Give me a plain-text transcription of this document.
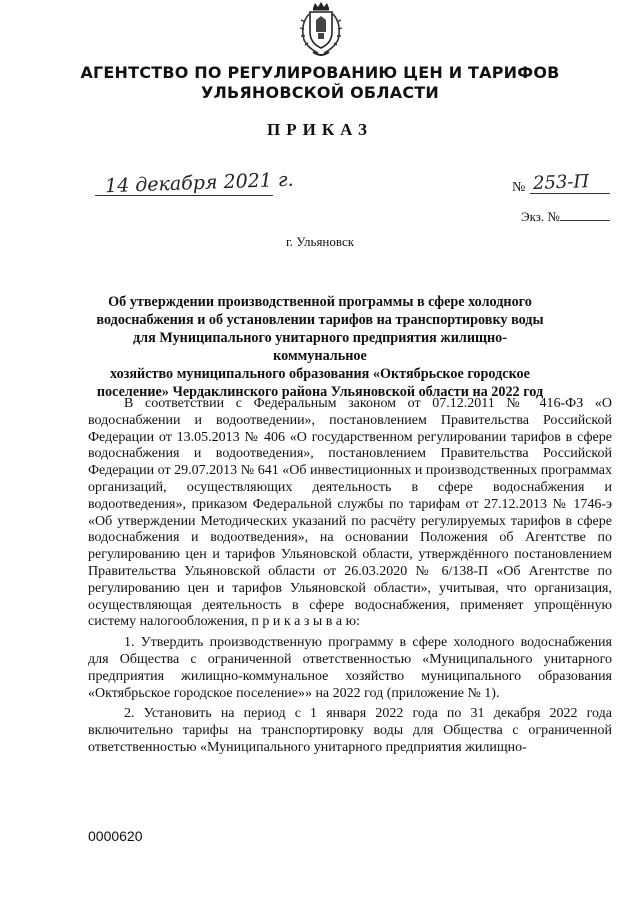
АГЕНТСТВО ПО РЕГУЛИРОВАНИЮ ЦЕН И ТАРИФОВ
УЛЬЯНОВСКОЙ ОБЛАСТИ
ПРИКАЗ
14 декабря 2021 г.	№ 253-П
Экз. №
г. Ульяновск
Об утверждении производственной программы в сфере холодного
водоснабжения и об установлении тарифов на транспортировку воды
для Муниципального унитарного предприятия жилищно-коммунальное
хозяйство муниципального образования «Октябрьское городское
поселение» Чердаклинского района Ульяновской области на 2022 год

В соответствии с Федеральным законом от 07.12.2011 № 416-ФЗ «О водоснабжении и водоотведении», постановлением Правительства Российской Федерации от 13.05.2013 № 406 «О государственном регулировании тарифов в сфере водоснабжения и водоотведения», постановлением Правительства Российской Федерации от 29.07.2013 № 641 «Об инвестиционных и производственных программах организаций, осуществляющих деятельность в сфере водоснабжения и водоотведения», приказом Федеральной службы по тарифам от 27.12.2013 № 1746-э «Об утверждении Методических указаний по расчёту регулируемых тарифов в сфере водоснабжения и водоотведения», на основании Положения об Агентстве по регулированию цен и тарифов Ульяновской области, утверждённого постановлением Правительства Ульяновской области от 26.03.2020 № 6/138-П «Об Агентстве по регулированию цен и тарифов Ульяновской области», учитывая, что организация, осуществляющая деятельность в сфере водоснабжения, применяет упрощённую систему налогообложения, п р и к а з ы в а ю:

1. Утвердить производственную программу в сфере холодного водоснабжения для Общества с ограниченной ответственностью «Муниципального унитарного предприятия жилищно-коммунальное хозяйство муниципального образования «Октябрьское городское поселение»» на 2022 год (приложение № 1).

2. Установить на период с 1 января 2022 года по 31 декабря 2022 года включительно тарифы на транспортировку воды для Общества с ограниченной ответственностью «Муниципального унитарного предприятия жилищно-

0000620
